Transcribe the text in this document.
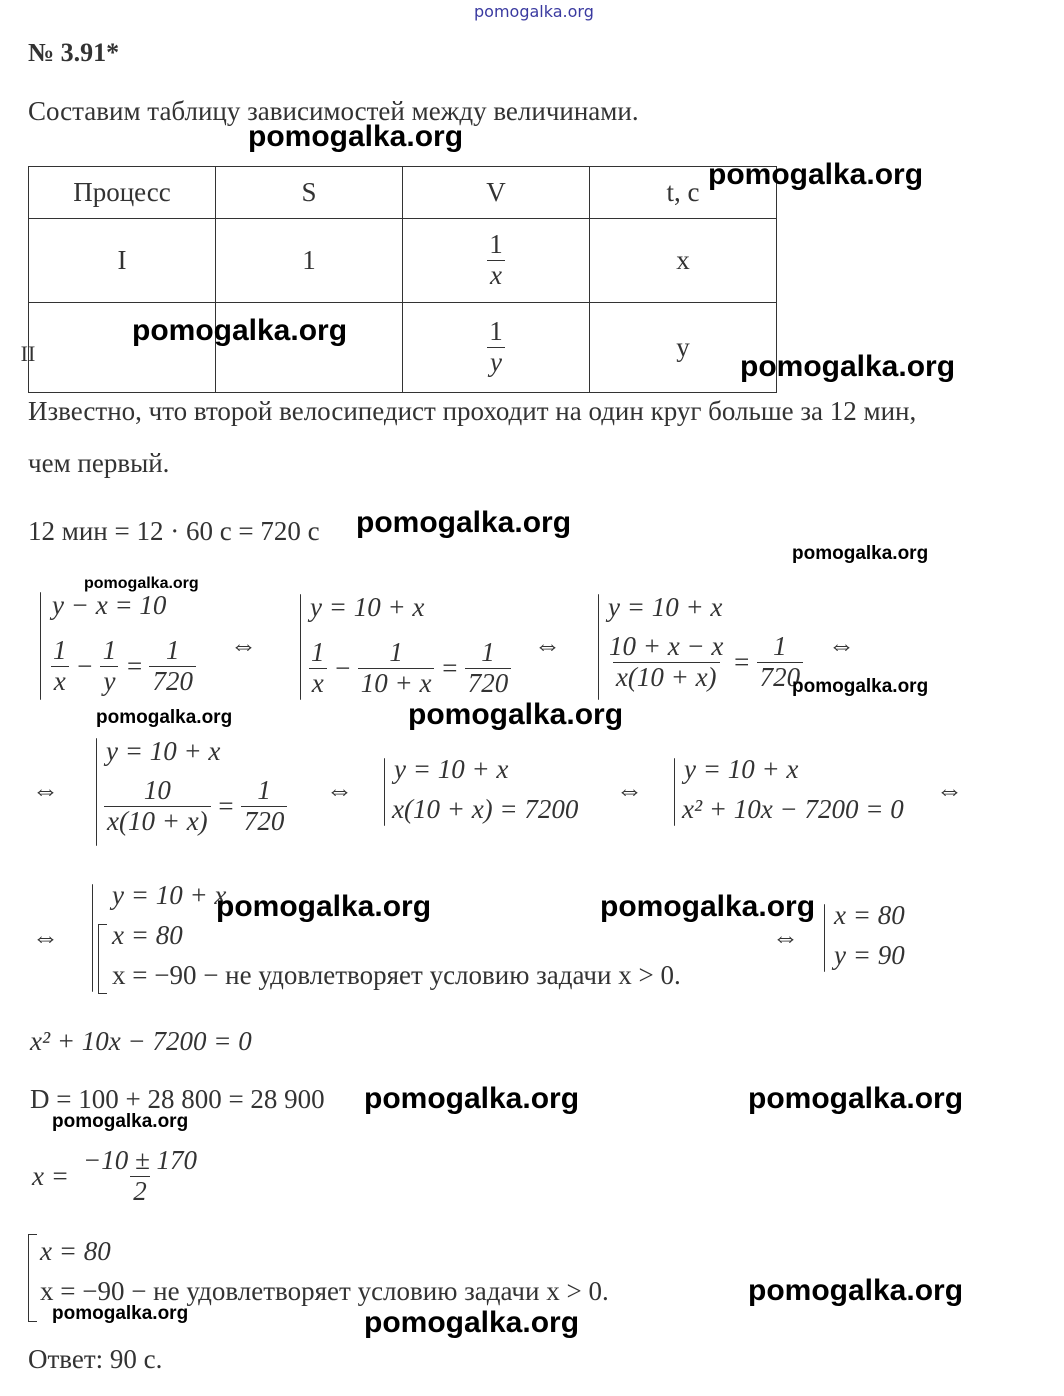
pomogalka.org
№ 3.91*
Составим таблицу зависимостей между величинами.
Процесс	S	V	t, c
I	1	$\frac{1}{x}$	x
II		$\frac{1}{y}$	y
Известно, что второй велосипедист проходит на один круг больше за 12 мин,
чем первый.
12 мин = 12 · 60 с = 720 с
y − x = 10
$\frac{1}{x} - \frac{1}{y} = \frac{1}{720}$ ⇔
y = 10 + x
$\frac{1}{x} - \frac{1}{10 + x} = \frac{1}{720}$ ⇔
y = 10 + x
$\frac{10 + x - x}{x(10 + x)} = \frac{1}{720}$ ⇔
⇔
y = 10 + x
$\frac{10}{x(10 + x)} = \frac{1}{720}$ ⇔
y = 10 + x
x(10 + x) = 7200
⇔
y = 10 + x
x² + 10x − 7200 = 0
⇔
⇔
y = 10 + x
x = 80
x = −90 − не удовлетворяет условию задачи x > 0.
⇔
x = 80
y = 90
x² + 10x − 7200 = 0
D = 100 + 28 800 = 28 900
$x = \frac{-10 \pm 170}{2}$
x = 80
x = −90 − не удовлетворяет условию задачи x > 0.
Ответ: 90 с.
pomogalka.org
pomogalka.org
pomogalka.org
pomogalka.org
pomogalka.org
pomogalka.org
pomogalka.org
pomogalka.org
pomogalka.org	pomogalka.org
pomogalka.org	pomogalka.org
pomogalka.org	pomogalka.org
pomogalka.org
pomogalka.org
pomogalka.org	pomogalka.org
